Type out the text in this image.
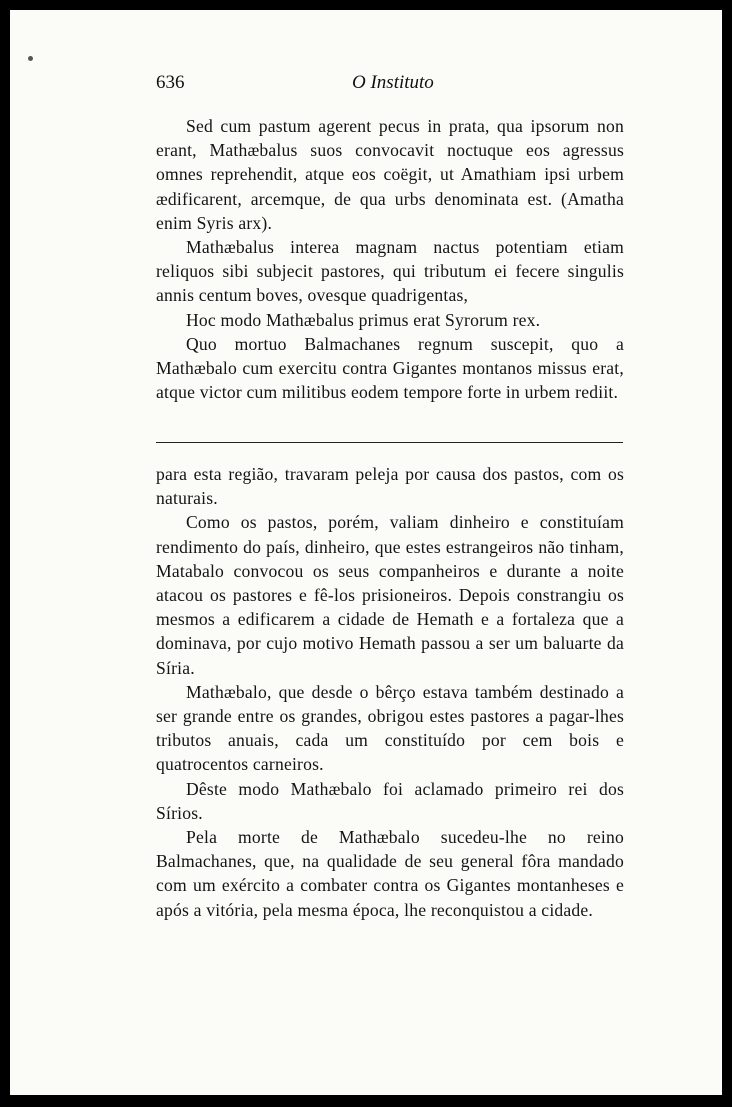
636	O Instituto

Sed cum pastum agerent pecus in prata, qua ipsorum non erant, Mathæbalus suos convocavit noctuque eos agressus omnes reprehendit, atque eos coëgit, ut Amathiam ipsi urbem ædificarent, arcemque, de qua urbs denominata est. (Amatha enim Syris arx).

Mathæbalus interea magnam nactus potentiam etiam reliquos sibi subjecit pastores, qui tributum ei fecere singulis annis centum boves, ovesque quadrigentas,

Hoc modo Mathæbalus primus erat Syrorum rex.

Quo mortuo Balmachanes regnum suscepit, quo a Mathæbalo cum exercitu contra Gigantes montanos missus erat, atque victor cum militibus eodem tempore forte in urbem rediit.

para esta região, travaram peleja por causa dos pastos, com os naturais.

Como os pastos, porém, valiam dinheiro e constituíam rendimento do país, dinheiro, que estes estrangeiros não tinham, Matabalo convocou os seus companheiros e durante a noite atacou os pastores e fê-los prisioneiros. Depois constrangiu os mesmos a edificarem a cidade de Hemath e a fortaleza que a dominava, por cujo motivo Hemath passou a ser um baluarte da Síria.

Mathæbalo, que desde o bêrço estava também destinado a ser grande entre os grandes, obrigou estes pastores a pagar-lhes tributos anuais, cada um constituído por cem bois e quatrocentos carneiros.

Dêste modo Mathæbalo foi aclamado primeiro rei dos Sírios.

Pela morte de Mathæbalo sucedeu-lhe no reino Balmachanes, que, na qualidade de seu general fôra mandado com um exército a combater contra os Gigantes montanheses e após a vitória, pela mesma época, lhe reconquistou a cidade.
